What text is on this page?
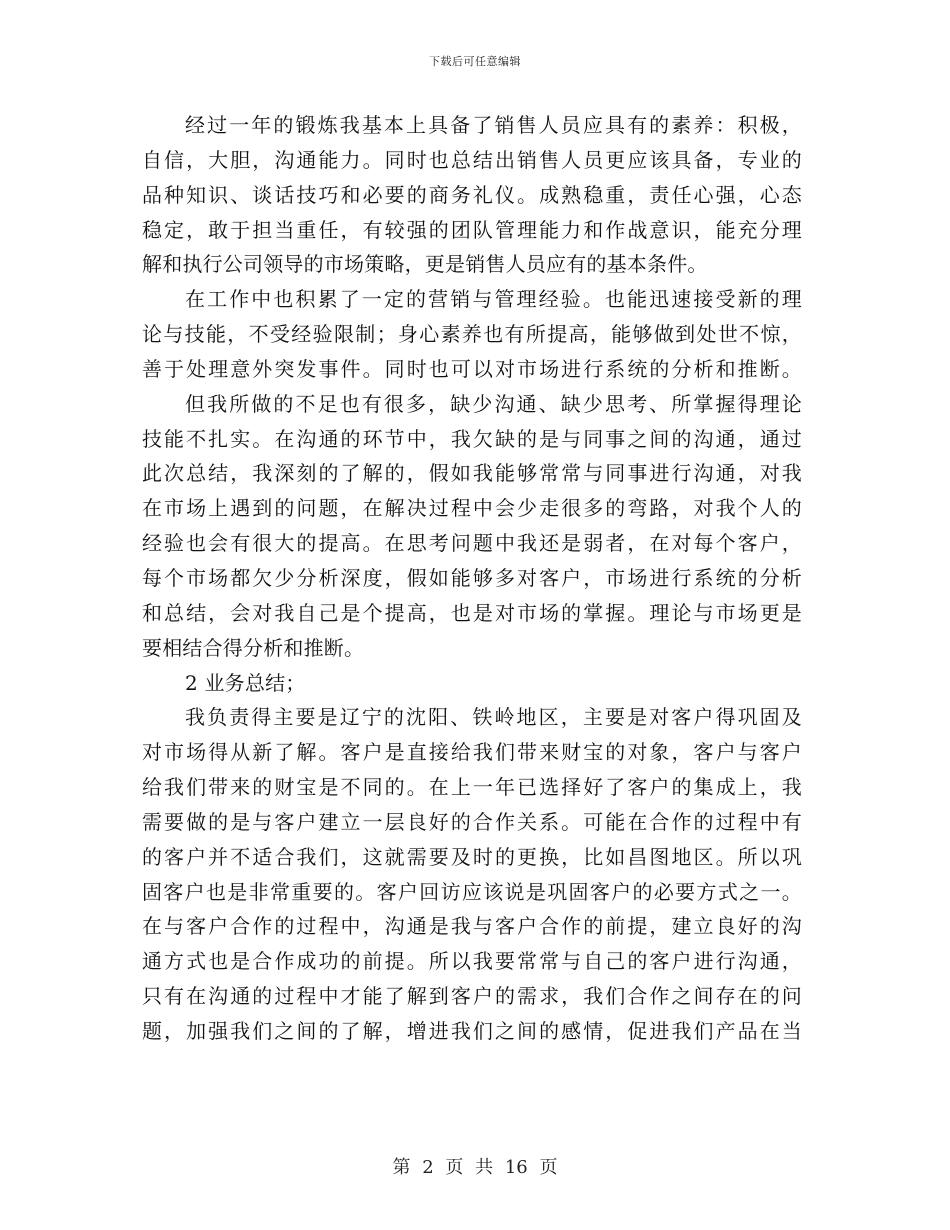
下载后可任意编辑
经过一年的锻炼我基本上具备了销售人员应具有的素养：积极，
自信，大胆，沟通能力。同时也总结出销售人员更应该具备，专业的
品种知识、谈话技巧和必要的商务礼仪。成熟稳重，责任心强，心态
稳定，敢于担当重任，有较强的团队管理能力和作战意识，能充分理
解和执行公司领导的市场策略，更是销售人员应有的基本条件。
在工作中也积累了一定的营销与管理经验。也能迅速接受新的理
论与技能，不受经验限制；身心素养也有所提高，能够做到处世不惊，
善于处理意外突发事件。同时也可以对市场进行系统的分析和推断。
但我所做的不足也有很多，缺少沟通、缺少思考、所掌握得理论
技能不扎实。在沟通的环节中，我欠缺的是与同事之间的沟通，通过
此次总结，我深刻的了解的，假如我能够常常与同事进行沟通，对我
在市场上遇到的问题，在解决过程中会少走很多的弯路，对我个人的
经验也会有很大的提高。在思考问题中我还是弱者，在对每个客户，
每个市场都欠少分析深度，假如能够多对客户，市场进行系统的分析
和总结，会对我自己是个提高，也是对市场的掌握。理论与市场更是
要相结合得分析和推断。
2 业务总结；
我负责得主要是辽宁的沈阳、铁岭地区，主要是对客户得巩固及
对市场得从新了解。客户是直接给我们带来财宝的对象，客户与客户
给我们带来的财宝是不同的。在上一年已选择好了客户的集成上，我
需要做的是与客户建立一层良好的合作关系。可能在合作的过程中有
的客户并不适合我们，这就需要及时的更换，比如昌图地区。所以巩
固客户也是非常重要的。客户回访应该说是巩固客户的必要方式之一。
在与客户合作的过程中，沟通是我与客户合作的前提，建立良好的沟
通方式也是合作成功的前提。所以我要常常与自己的客户进行沟通，
只有在沟通的过程中才能了解到客户的需求，我们合作之间存在的问
题，加强我们之间的了解，增进我们之间的感情，促进我们产品在当
第 2 页 共 16 页
